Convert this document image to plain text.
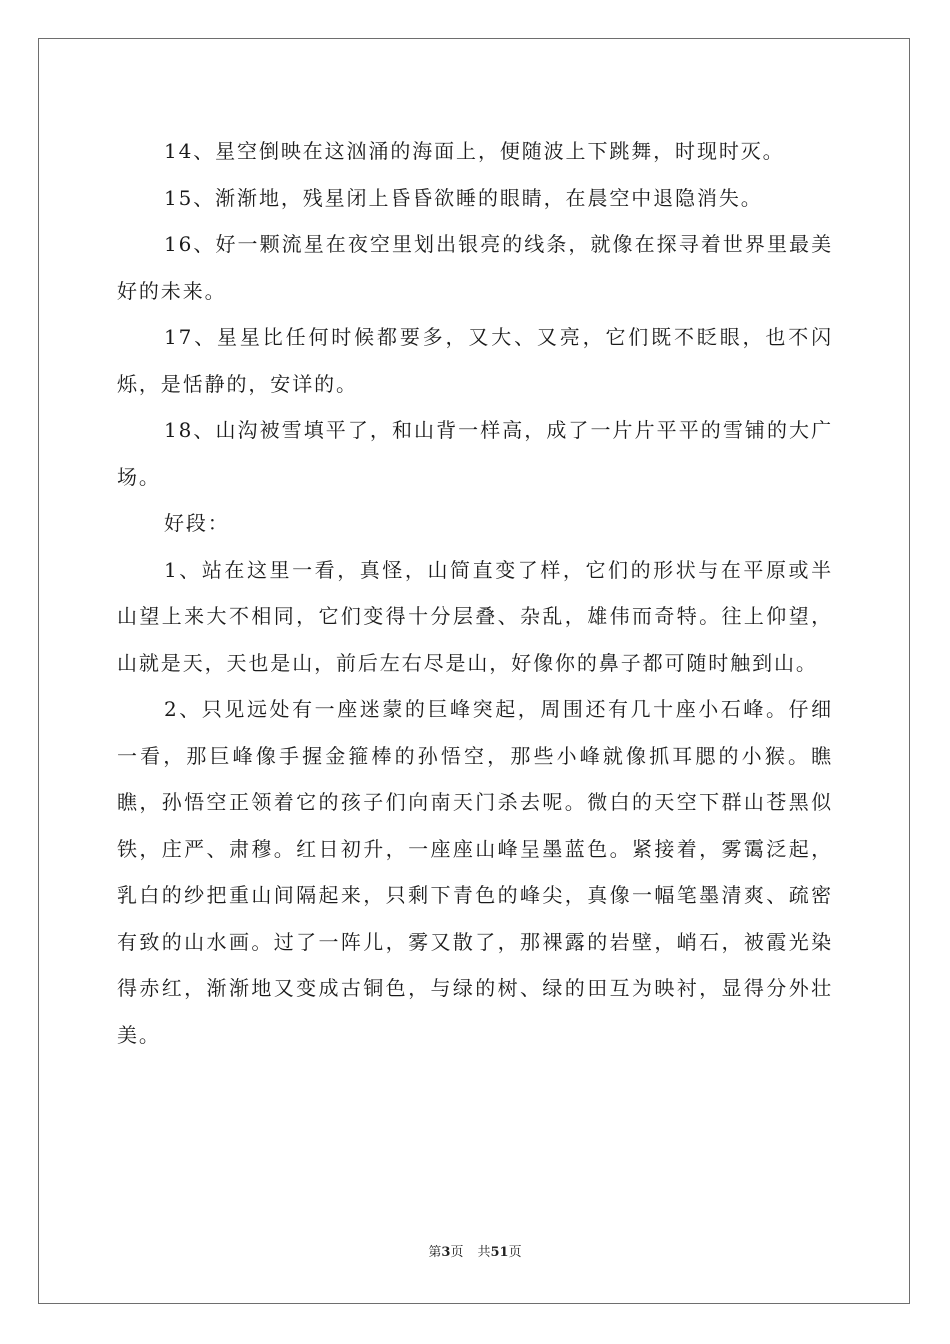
14、星空倒映在这汹涌的海面上，便随波上下跳舞，时现时灭。

15、渐渐地，残星闭上昏昏欲睡的眼睛，在晨空中退隐消失。

16、好一颗流星在夜空里划出银亮的线条，就像在探寻着世界里最美好的未来。

17、星星比任何时候都要多，又大、又亮，它们既不眨眼，也不闪烁，是恬静的，安详的。

18、山沟被雪填平了，和山背一样高，成了一片片平平的雪铺的大广场。

好段：

1、站在这里一看，真怪，山简直变了样，它们的形状与在平原或半山望上来大不相同，它们变得十分层叠、杂乱，雄伟而奇特。往上仰望，山就是天，天也是山，前后左右尽是山，好像你的鼻子都可随时触到山。

2、只见远处有一座迷蒙的巨峰突起，周围还有几十座小石峰。仔细一看，那巨峰像手握金箍棒的孙悟空，那些小峰就像抓耳腮的小猴。瞧瞧，孙悟空正领着它的孩子们向南天门杀去呢。微白的天空下群山苍黑似铁，庄严、肃穆。红日初升，一座座山峰呈墨蓝色。紧接着，雾霭泛起，乳白的纱把重山间隔起来，只剩下青色的峰尖，真像一幅笔墨清爽、疏密有致的山水画。过了一阵儿，雾又散了，那裸露的岩壁，峭石，被霞光染得赤红，渐渐地又变成古铜色，与绿的树、绿的田互为映衬，显得分外壮美。

第3页 共51页
